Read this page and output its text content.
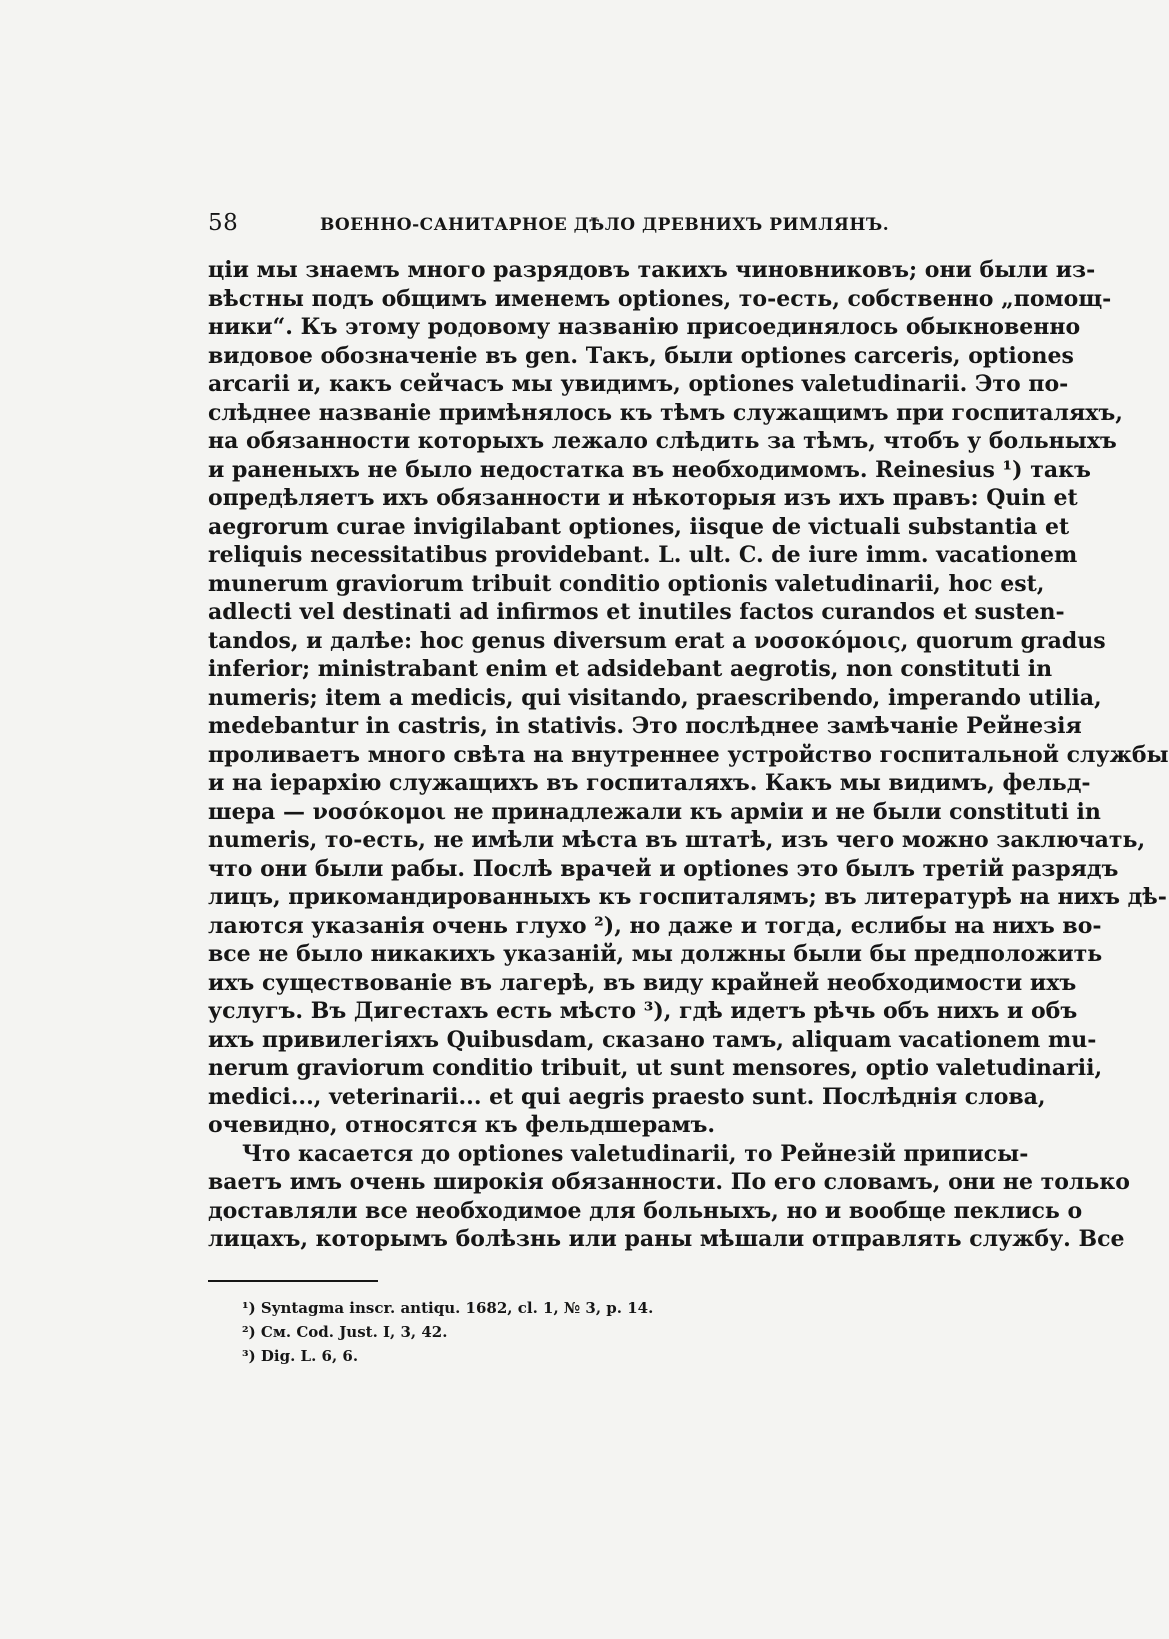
58	ВОЕННО-САНИТАРНОЕ ДѢЛО ДРЕВНИХЪ РИМЛЯНЪ.
ціи мы знаемъ много разрядовъ такихъ чиновниковъ; они были из-
вѣстны подъ общимъ именемъ optiones, то-есть, собственно „помощ-
ники“. Къ этому родовому названію присоединялось обыкновенно
видовое обозначеніе въ gen. Такъ, были optiones carceris, optiones
arcarii и, какъ сейчасъ мы увидимъ, optiones valetudinarii. Это по-
слѣднее названіе примѣнялось къ тѣмъ служащимъ при госпиталяхъ,
на обязанности которыхъ лежало слѣдить за тѣмъ, чтобъ у больныхъ
и раненыхъ не было недостатка въ необходимомъ. Reinesius ¹) такъ
опредѣляетъ ихъ обязанности и нѣкоторыя изъ ихъ правъ: Quin et
aegrorum curae invigilabant optiones, iisque de victuali substantia et
reliquis necessitatibus providebant. L. ult. C. de iure imm. vacationem
munerum graviorum tribuit conditio optionis valetudinarii, hoc est,
adlecti vel destinati ad infirmos et inutiles factos curandos et susten-
tandos, и далѣе: hoc genus diversum erat a νοσοκόμοις, quorum gradus
inferior; ministrabant enim et adsidebant aegrotis, non constituti in
numeris; item a medicis, qui visitando, praescribendo, imperando utilia,
medebantur in castris, in stativis. Это послѣднее замѣчаніе Рейнезія
проливаетъ много свѣта на внутреннее устройство госпитальной службы
и на іерархію служащихъ въ госпиталяхъ. Какъ мы видимъ, фельд-
шера — νοσόκομοι не принадлежали къ арміи и не были constituti in
numeris, то-есть, не имѣли мѣста въ штатѣ, изъ чего можно заключать,
что они были рабы. Послѣ врачей и optiones это былъ третій разрядъ
лицъ, прикомандированныхъ къ госпиталямъ; въ литературѣ на нихъ дѣ-
лаются указанія очень глухо ²), но даже и тогда, еслибы на нихъ во-
все не было никакихъ указаній, мы должны были бы предположить
ихъ существованіе въ лагерѣ, въ виду крайней необходимости ихъ
услугъ. Въ Дигестахъ есть мѣсто ³), гдѣ идетъ рѣчь объ нихъ и объ
ихъ привилегіяхъ Quibusdam, сказано тамъ, aliquam vacationem mu-
nerum graviorum conditio tribuit, ut sunt mensores, optio valetudinarii,
medici..., veterinarii... et qui aegris praesto sunt. Послѣднія слова,
очевидно, относятся къ фельдшерамъ.
Что касается до optiones valetudinarii, то Рейнезій приписы-
ваетъ имъ очень широкія обязанности. По его словамъ, они не только
доставляли все необходимое для больныхъ, но и вообще пеклись о
лицахъ, которымъ болѣзнь или раны мѣшали отправлять службу. Все
¹) Syntagma inscr. antiqu. 1682, cl. 1, № 3, p. 14.
²) См. Cod. Just. I, 3, 42.
³) Dig. L. 6, 6.
